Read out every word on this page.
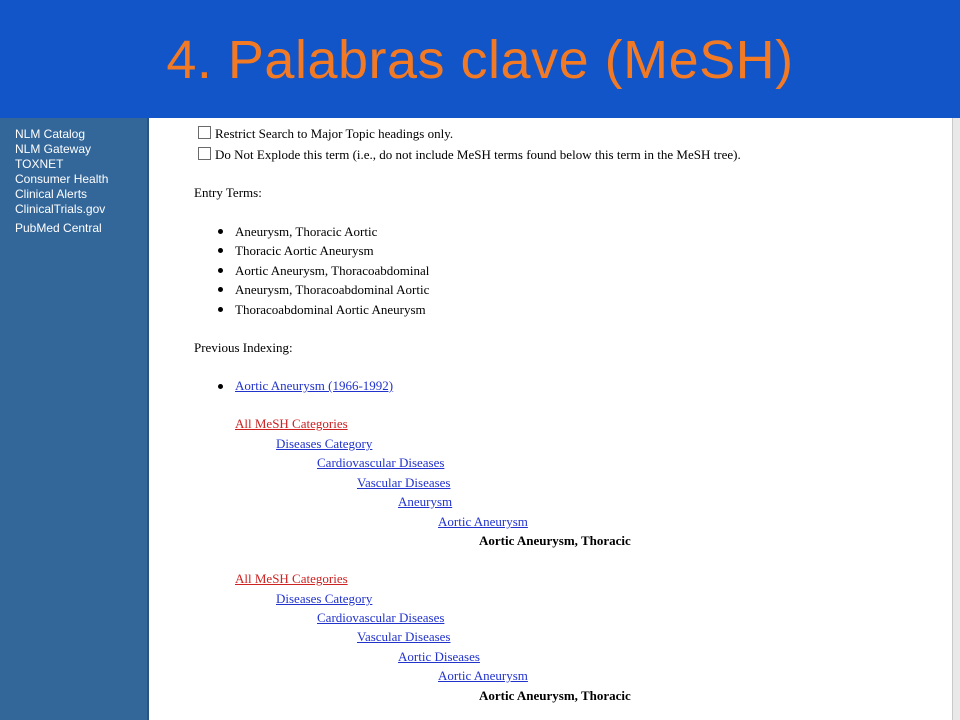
NLM Catalog
NLM Gateway
TOXNET
Consumer Health
Clinical Alerts
ClinicalTrials.gov
PubMed Central
4. Palabras clave (MeSH)
Restrict Search to Major Topic headings only.
Do Not Explode this term (i.e., do not include MeSH terms found below this term in the MeSH tree).
Entry Terms:
Aneurysm, Thoracic Aortic
Thoracic Aortic Aneurysm
Aortic Aneurysm, Thoracoabdominal
Aneurysm, Thoracoabdominal Aortic
Thoracoabdominal Aortic Aneurysm
Previous Indexing:
Aortic Aneurysm (1966-1992)
All MeSH Categories
Diseases Category
Cardiovascular Diseases
Vascular Diseases
Aneurysm
Aortic Aneurysm
Aortic Aneurysm, Thoracic
All MeSH Categories
Diseases Category
Cardiovascular Diseases
Vascular Diseases
Aortic Diseases
Aortic Aneurysm
Aortic Aneurysm, Thoracic
